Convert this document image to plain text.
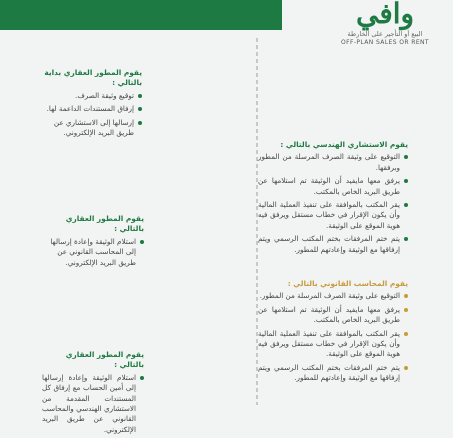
وافي
البيع أو التأجير على الخارطة
OFF-PLAN SALES OR RENT
يقوم المطور العقاري بداية بالتالي :
توقيع وثيقة الصرف.
إرفاق المستندات الداعمة لها.
إرسالها إلى الاستشاري عن طريق البريد الإلكتروني.
يقوم الاستشاري الهندسي بالتالي :
التوقيع على وثيقة الصرف المرسلة من المطور وبرفقها.
يرفق معها مايفيد أن الوثيقة تم استلامها عن طريق البريد الخاص بالمكتب.
يقر المكتب بالموافقة على تنفيذ العملية المالية وأن يكون الإقرار في خطاب مستقل ويرفق فيه هوية الموقع على الوثيقة.
يتم ختم المرفقات بختم المكتب الرسمي ويتم إرفاقها مع الوثيقة وإعادتهم للمطور.
يقوم المطور العقاري بالتالي :
استلام الوثيقة وإعادة إرسالها إلى المحاسب القانوني عن طريق البريد الإلكتروني.
يقوم المحاسب القانوني بالتالي :
التوقيع على وثيقة الصرف المرسلة من المطور.
يرفق معها مايفيد أن الوثيقة تم استلامها عن طريق البريد الخاص بالمكتب.
يقر المكتب بالموافقة على تنفيذ العملية المالية وأن يكون الإقرار في خطاب مستقل ويرفق فيه هوية الموقع على الوثيقة.
يتم ختم المرفقات بختم المكتب الرسمي ويتم إرفاقها مع الوثيقة وإعادتهم للمطور.
يقوم المطور العقاري بالتالي :
استلام الوثيقة وإعادة إرسالها إلى أمين الحساب مع إرفاق كل المستندات المقدمة من الاستشاري الهندسي والمحاسب القانوني عن طريق البريد الإلكتروني.
